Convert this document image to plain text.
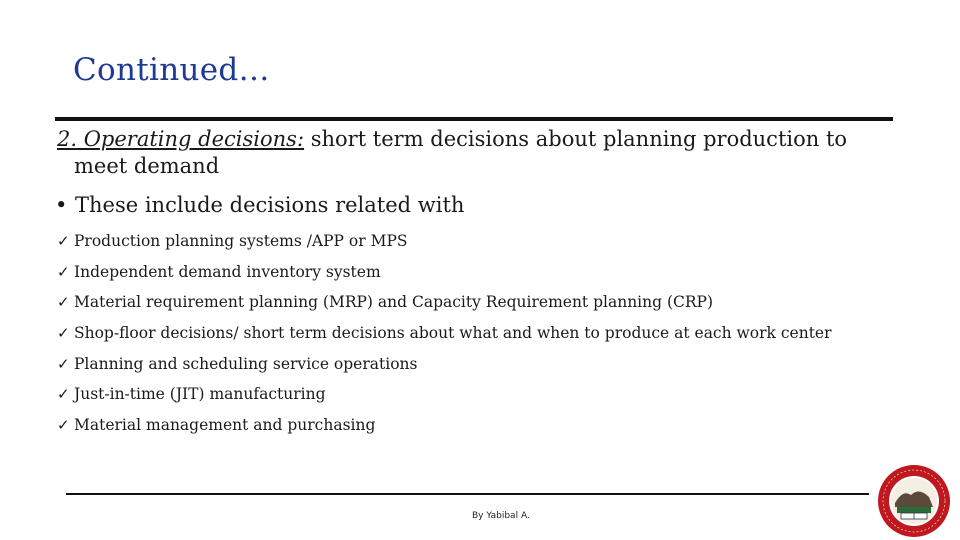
Continued…
2. Operating decisions: short term decisions about planning production to
meet demand
• These include decisions related with
✓ Production planning systems /APP or MPS
✓ Independent demand inventory system
✓ Material requirement planning (MRP) and Capacity Requirement planning (CRP)
✓ Shop-floor decisions/ short term decisions about what and when to produce at each work center
✓ Planning and scheduling service operations
✓ Just-in-time (JIT) manufacturing
✓ Material management and purchasing
By Yabibal A.
